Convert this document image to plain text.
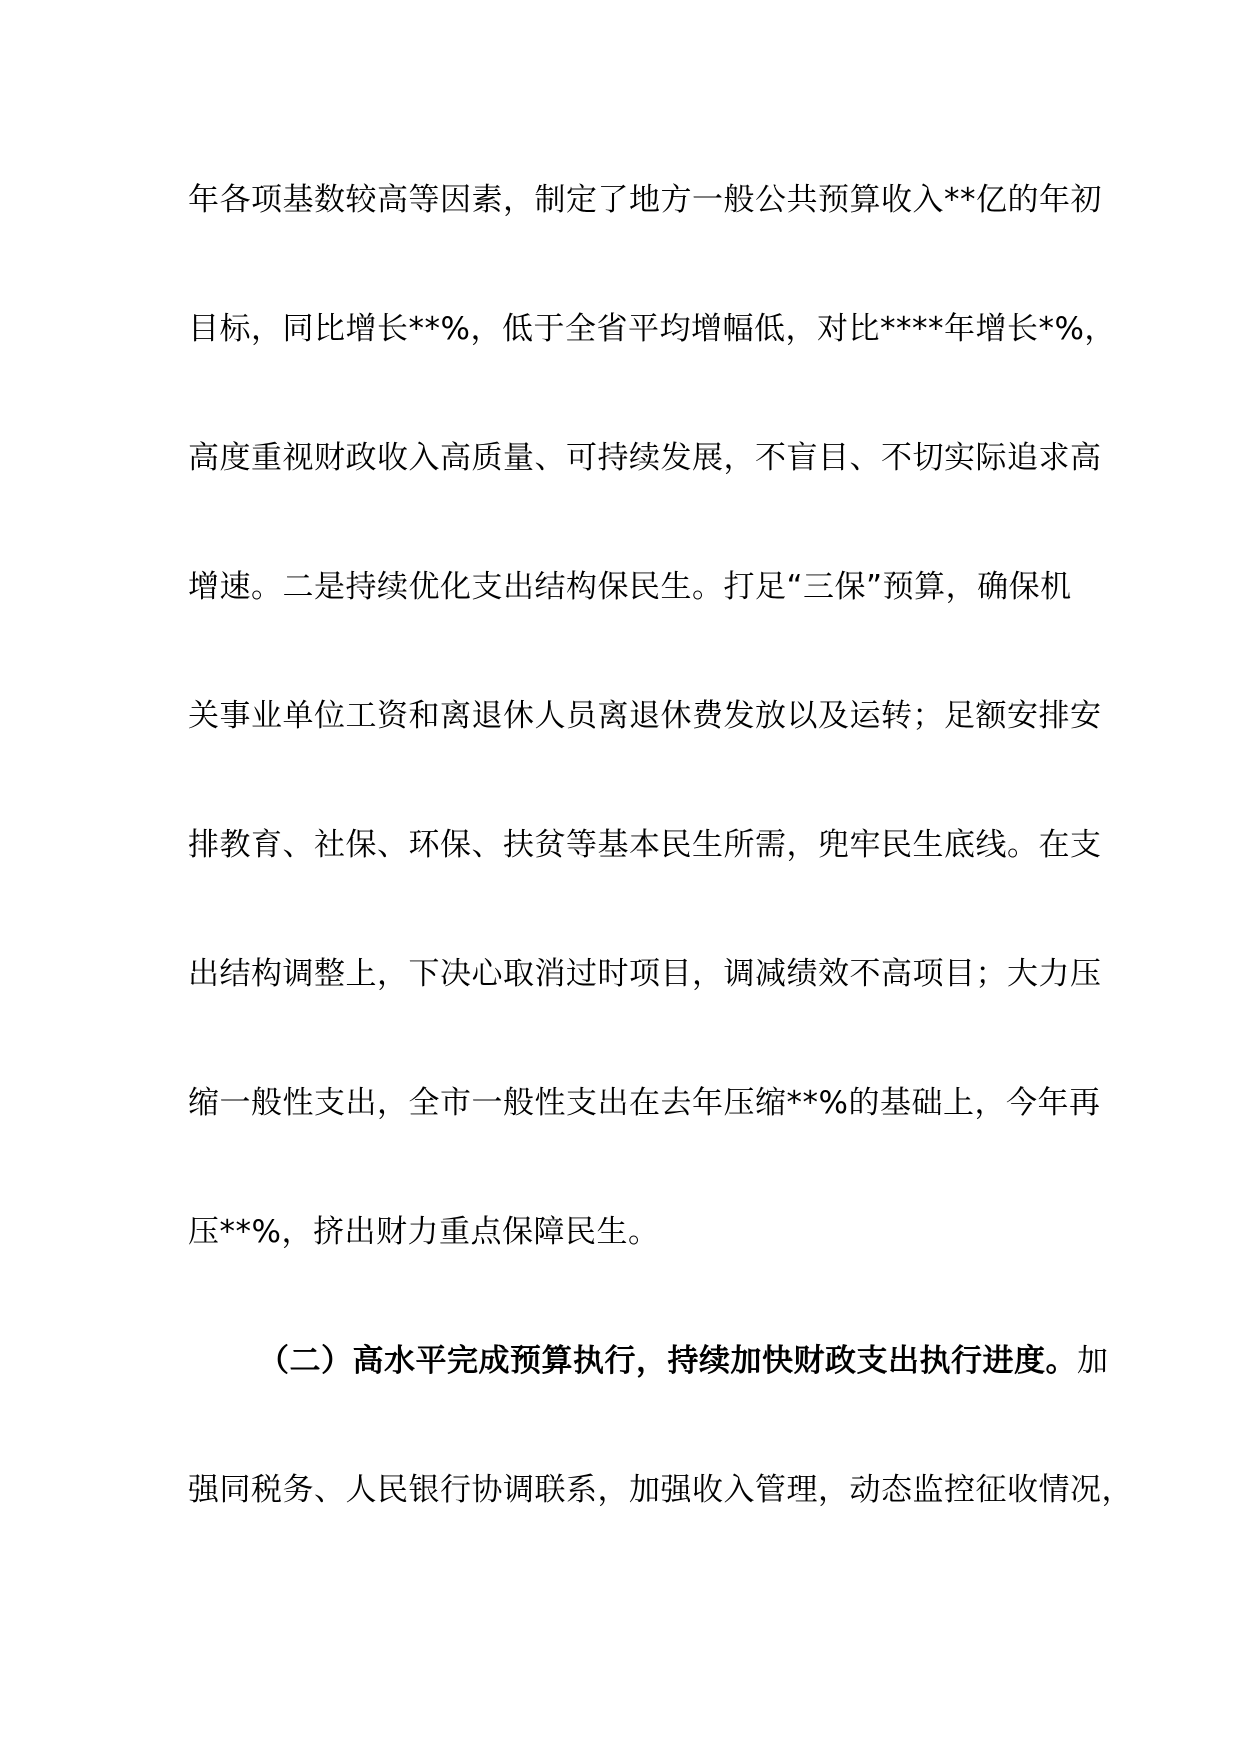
年各项基数较高等因素，制定了地方一般公共预算收入**亿的年初
目标，同比增长**%，低于全省平均增幅低，对比****年增长*%，
高度重视财政收入高质量、可持续发展，不盲目、不切实际追求高
增速。二是持续优化支出结构保民生。打足“三保”预算，确保机
关事业单位工资和离退休人员离退休费发放以及运转；足额安排安
排教育、社保、环保、扶贫等基本民生所需，兜牢民生底线。在支
出结构调整上，下决心取消过时项目，调减绩效不高项目；大力压
缩一般性支出，全市一般性支出在去年压缩**%的基础上，今年再
压**%，挤出财力重点保障民生。
（二）高水平完成预算执行，持续加快财政支出执行进度。加
强同税务、人民银行协调联系，加强收入管理，动态监控征收情况，
